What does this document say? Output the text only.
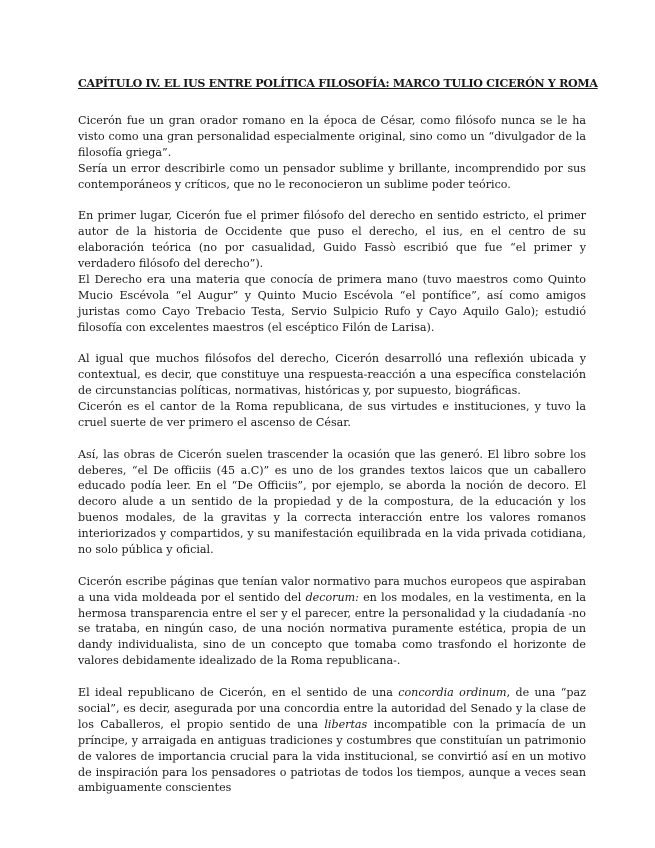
CAPÍTULO IV. EL IUS ENTRE POLÍTICA FILOSOFÍA: MARCO TULIO CICERÓN Y ROMA

Cicerón fue un gran orador romano en la época de César, como filósofo nunca se le ha visto como una gran personalidad especialmente original, sino como un “divulgador de la filosofía griega”.

Sería un error describirle como un pensador sublime y brillante, incomprendido por sus contemporáneos y críticos, que no le reconocieron un sublime poder teórico.

En primer lugar, Cicerón fue el primer filósofo del derecho en sentido estricto, el primer autor de la historia de Occidente que puso el derecho, el ius, en el centro de su elaboración teórica (no por casualidad, Guido Fassò escribió que fue “el primer y verdadero filósofo del derecho”).

El Derecho era una materia que conocía de primera mano (tuvo maestros como Quinto Mucio Escévola “el Augur” y Quinto Mucio Escévola “el pontífice”, así como amigos juristas como Cayo Trebacio Testa, Servio Sulpicio Rufo y Cayo Aquilo Galo); estudió filosofía con excelentes maestros (el escéptico Filón de Larisa).

Al igual que muchos filósofos del derecho, Cicerón desarrolló una reflexión ubicada y contextual, es decir, que constituye una respuesta-reacción a una específica constelación de circunstancias políticas, normativas, históricas y, por supuesto, biográficas.

Cicerón es el cantor de la Roma republicana, de sus virtudes e instituciones, y tuvo la cruel suerte de ver primero el ascenso de César.

Así, las obras de Cicerón suelen trascender la ocasión que las generó. El libro sobre los deberes, “el De officiis (45 a.C)” es uno de los grandes textos laicos que un caballero educado podía leer. En el “De Officiis”, por ejemplo, se aborda la noción de decoro. El decoro alude a un sentido de la propiedad y de la compostura, de la educación y los buenos modales, de la gravitas y la correcta interacción entre los valores romanos interiorizados y compartidos, y su manifestación equilibrada en la vida privada cotidiana, no solo pública y oficial.

Cicerón escribe páginas que tenían valor normativo para muchos europeos que aspiraban a una vida moldeada por el sentido del decorum: en los modales, en la vestimenta, en la hermosa transparencia entre el ser y el parecer, entre la personalidad y la ciudadanía -no se trataba, en ningún caso, de una noción normativa puramente estética, propia de un dandy individualista, sino de un concepto que tomaba como trasfondo el horizonte de valores debidamente idealizado de la Roma republicana-.

El ideal republicano de Cicerón, en el sentido de una concordia ordinum, de una “paz social”, es decir, asegurada por una concordia entre la autoridad del Senado y la clase de los Caballeros, el propio sentido de una libertas incompatible con la primacía de un príncipe, y arraigada en antiguas tradiciones y costumbres que constituían un patrimonio de valores de importancia crucial para la vida institucional, se convirtió así en un motivo de inspiración para los pensadores o patriotas de todos los tiempos, aunque a veces sean ambiguamente conscientes
